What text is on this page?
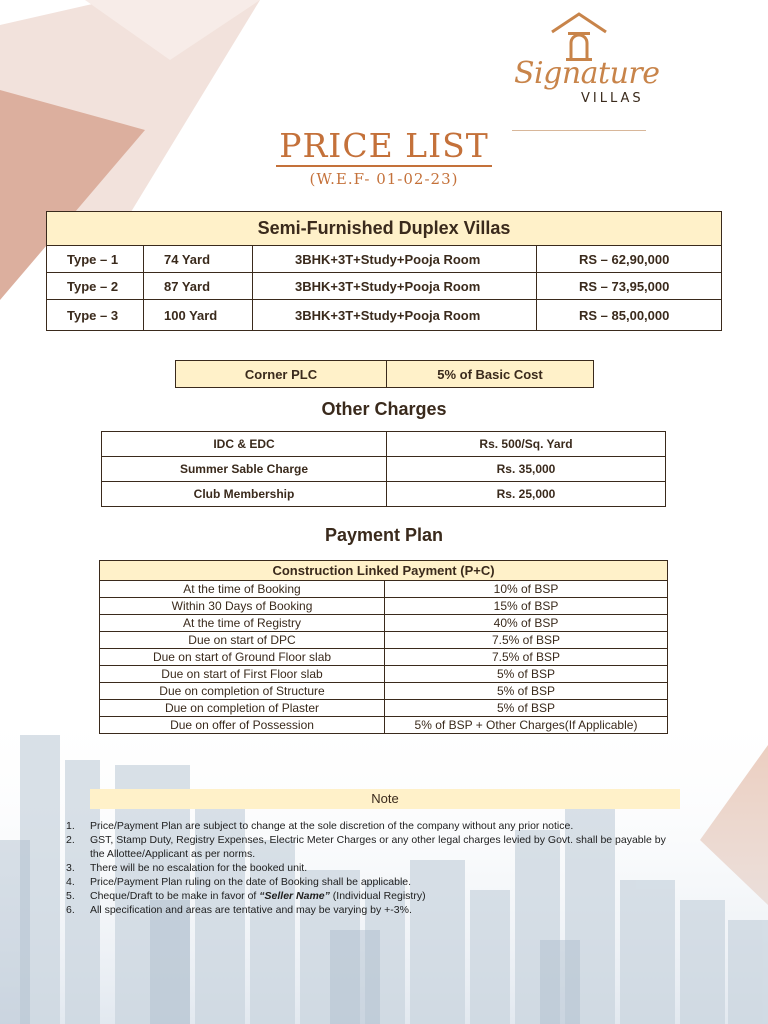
Signature
VILLAS
PRICE LIST
(W.E.F- 01-02-23)
Semi-Furnished Duplex Villas			
Type – 1	74 Yard	3BHK+3T+Study+Pooja Room	RS – 62,90,000
Type – 2	87 Yard	3BHK+3T+Study+Pooja Room	RS – 73,95,000
Type – 3	100 Yard	3BHK+3T+Study+Pooja Room	RS – 85,00,000
Corner PLC	5% of Basic Cost
Other Charges
IDC & EDC	Rs. 500/Sq. Yard
Summer Sable Charge	Rs. 35,000
Club Membership	Rs. 25,000
Payment Plan
Construction Linked Payment (P+C)	
At the time of Booking	10% of BSP
Within 30 Days of Booking	15% of BSP
At the time of Registry	40% of BSP
Due on start of DPC	7.5% of BSP
Due on start of Ground Floor slab	7.5% of BSP
Due on start of First Floor slab	5% of BSP
Due on completion of Structure	5% of BSP
Due on completion of Plaster	5% of BSP
Due on offer of Possession	5% of BSP + Other Charges(If Applicable)
Note
1. Price/Payment Plan are subject to change at the sole discretion of the company without any prior notice.
2. GST, Stamp Duty, Registry Expenses, Electric Meter Charges or any other legal charges levied by Govt. shall be payable by the Allottee/Applicant as per norms.
3. There will be no escalation for the booked unit.
4. Price/Payment Plan ruling on the date of Booking shall be applicable.
5. Cheque/Draft to be make in favor of “Seller Name” (Individual Registry)
6. All specification and areas are tentative and may be varying by +-3%.
